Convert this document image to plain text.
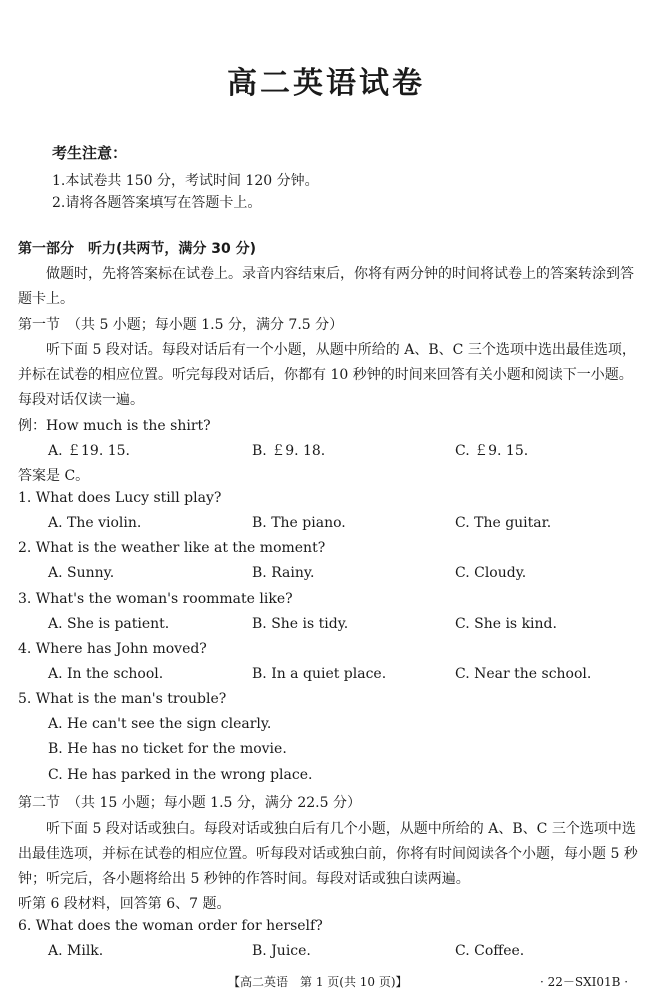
高二英语试卷
考生注意：
1.本试卷共 150 分，考试时间 120 分钟。
2.请将各题答案填写在答题卡上。
第一部分　听力(共两节，满分 30 分)
做题时，先将答案标在试卷上。录音内容结束后，你将有两分钟的时间将试卷上的答案转涂到答题卡上。
第一节　（共 5 小题；每小题 1.5 分，满分 7.5 分）
听下面 5 段对话。每段对话后有一个小题，从题中所给的 A、B、C 三个选项中选出最佳选项，并标在试卷的相应位置。听完每段对话后，你都有 10 秒钟的时间来回答有关小题和阅读下一小题。每段对话仅读一遍。
例：How much is the shirt?
A. ￡19. 15.	B. ￡9. 18.	C. ￡9. 15.
答案是 C。
1. What does Lucy still play?
A. The violin.	B. The piano.	C. The guitar.
2. What is the weather like at the moment?
A. Sunny.	B. Rainy.	C. Cloudy.
3. What's the woman's roommate like?
A. She is patient.	B. She is tidy.	C. She is kind.
4. Where has John moved?
A. In the school.	B. In a quiet place.	C. Near the school.
5. What is the man's trouble?
A. He can't see the sign clearly.
B. He has no ticket for the movie.
C. He has parked in the wrong place.
第二节　（共 15 小题；每小题 1.5 分，满分 22.5 分）
听下面 5 段对话或独白。每段对话或独白后有几个小题，从题中所给的 A、B、C 三个选项中选出最佳选项，并标在试卷的相应位置。听每段对话或独白前，你将有时间阅读各个小题，每小题 5 秒钟；听完后，各小题将给出 5 秒钟的作答时间。每段对话或独白读两遍。
听第 6 段材料，回答第 6、7 题。
6. What does the woman order for herself?
A. Milk.	B. Juice.	C. Coffee.
【高二英语　第 1 页(共 10 页)】	· 22－SXI01B ·
